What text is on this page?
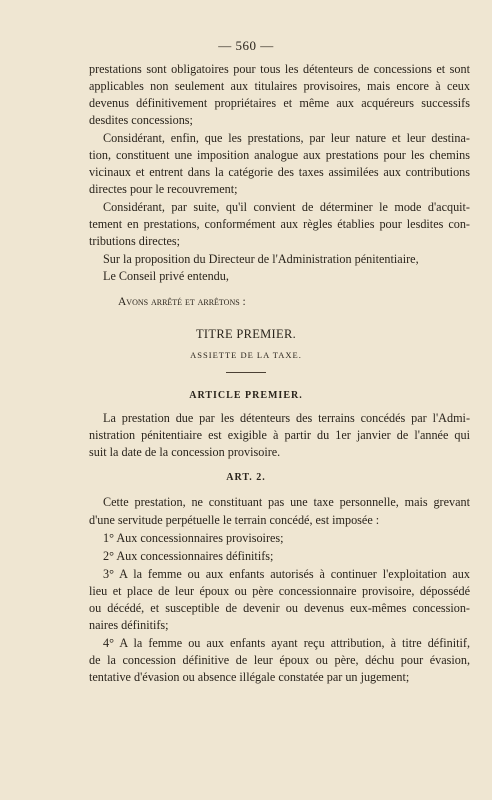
— 560 —
prestations sont obligatoires pour tous les détenteurs de concessions et sont
applicables non seulement aux titulaires provisoires, mais encore à ceux
devenus définitivement propriétaires et même aux acquéreurs successifs
desdites concessions;
Considérant, enfin, que les prestations, par leur nature et leur destina-
tion, constituent une imposition analogue aux prestations pour les chemins
vicinaux et entrent dans la catégorie des taxes assimilées aux contributions
directes pour le recouvrement;
Considérant, par suite, qu'il convient de déterminer le mode d'acquit-
tement en prestations, conformément aux règles établies pour lesdites con-
tributions directes;
Sur la proposition du Directeur de l'Administration pénitentiaire,
Le Conseil privé entendu,
Avons arrêté et arrêtons :
TITRE PREMIER.
ASSIETTE DE LA TAXE.
ARTICLE PREMIER.
La prestation due par les détenteurs des terrains concédés par l'Admi-
nistration pénitentiaire est exigible à partir du 1er janvier de l'année qui
suit la date de la concession provisoire.
ART. 2.
Cette prestation, ne constituant pas une taxe personnelle, mais grevant
d'une servitude perpétuelle le terrain concédé, est imposée :
1° Aux concessionnaires provisoires;
2° Aux concessionnaires définitifs;
3° A la femme ou aux enfants autorisés à continuer l'exploitation aux
lieu et place de leur époux ou père concessionnaire provisoire, dépossédé
ou décédé, et susceptible de devenir ou devenus eux-mêmes concession-
naires définitifs;
4° A la femme ou aux enfants ayant reçu attribution, à titre définitif,
de la concession définitive de leur époux ou père, déchu pour évasion,
tentative d'évasion ou absence illégale constatée par un jugement;
